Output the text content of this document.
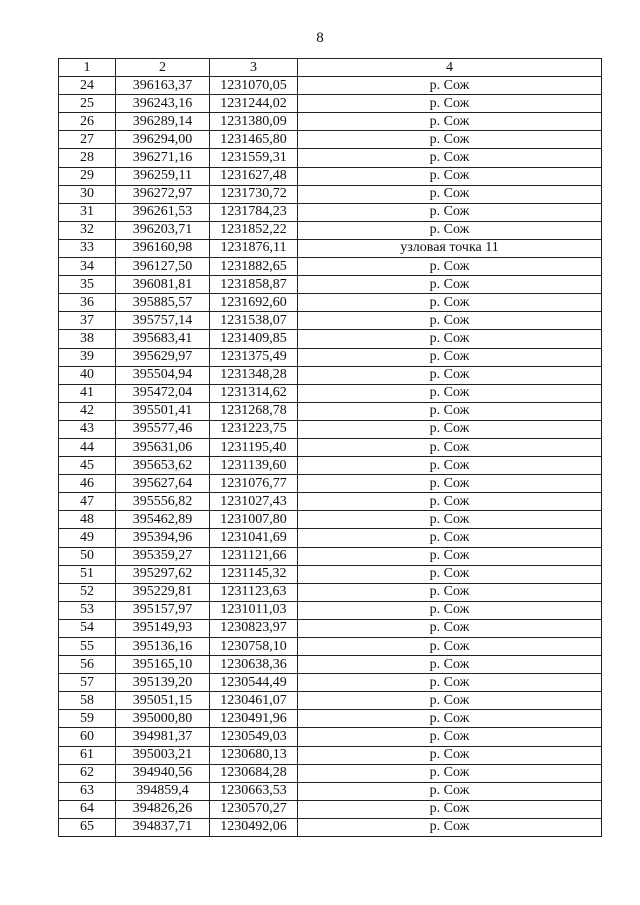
8
1	2	3	4
24	396163,37	1231070,05	р. Сож
25	396243,16	1231244,02	р. Сож
26	396289,14	1231380,09	р. Сож
27	396294,00	1231465,80	р. Сож
28	396271,16	1231559,31	р. Сож
29	396259,11	1231627,48	р. Сож
30	396272,97	1231730,72	р. Сож
31	396261,53	1231784,23	р. Сож
32	396203,71	1231852,22	р. Сож
33	396160,98	1231876,11	узловая точка 11
34	396127,50	1231882,65	р. Сож
35	396081,81	1231858,87	р. Сож
36	395885,57	1231692,60	р. Сож
37	395757,14	1231538,07	р. Сож
38	395683,41	1231409,85	р. Сож
39	395629,97	1231375,49	р. Сож
40	395504,94	1231348,28	р. Сож
41	395472,04	1231314,62	р. Сож
42	395501,41	1231268,78	р. Сож
43	395577,46	1231223,75	р. Сож
44	395631,06	1231195,40	р. Сож
45	395653,62	1231139,60	р. Сож
46	395627,64	1231076,77	р. Сож
47	395556,82	1231027,43	р. Сож
48	395462,89	1231007,80	р. Сож
49	395394,96	1231041,69	р. Сож
50	395359,27	1231121,66	р. Сож
51	395297,62	1231145,32	р. Сож
52	395229,81	1231123,63	р. Сож
53	395157,97	1231011,03	р. Сож
54	395149,93	1230823,97	р. Сож
55	395136,16	1230758,10	р. Сож
56	395165,10	1230638,36	р. Сож
57	395139,20	1230544,49	р. Сож
58	395051,15	1230461,07	р. Сож
59	395000,80	1230491,96	р. Сож
60	394981,37	1230549,03	р. Сож
61	395003,21	1230680,13	р. Сож
62	394940,56	1230684,28	р. Сож
63	394859,4	1230663,53	р. Сож
64	394826,26	1230570,27	р. Сож
65	394837,71	1230492,06	р. Сож
